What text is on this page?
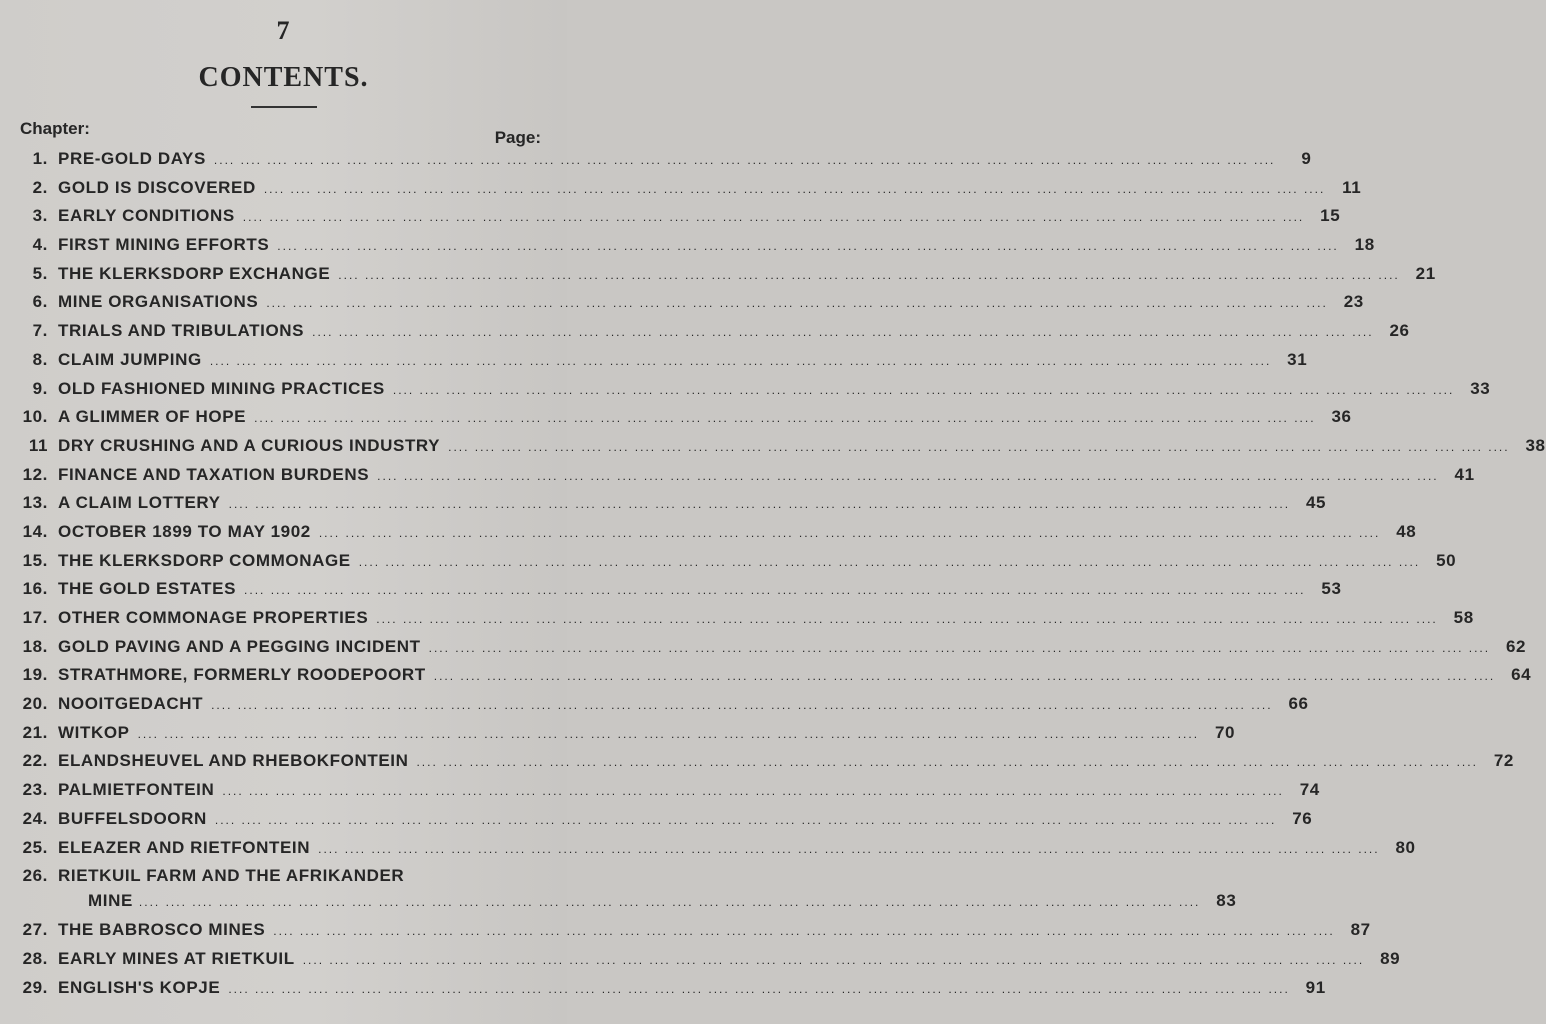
7
CONTENTS.
Chapter:	Page:
1. PRE-GOLD DAYS .... .... .... .... .... .... .... .... .... .... .... .... .... .... .... .... .... .... .... .... .... .... .... .... .... .... .... .... .... .... .... .... .... .... .... .... .... .... .... ....	9
2. GOLD IS DISCOVERED .... .... .... .... .... .... .... .... .... .... .... .... .... .... .... .... .... .... .... .... .... .... .... .... .... .... .... .... .... .... .... .... .... .... .... .... .... .... .... .... 11
3. EARLY CONDITIONS .... .... .... .... .... .... .... .... .... .... .... .... .... .... .... .... .... .... .... .... .... .... .... .... .... .... .... .... .... .... .... .... .... .... .... .... .... .... .... .... 15
4. FIRST MINING EFFORTS .... .... .... .... .... .... .... .... .... .... .... .... .... .... .... .... .... .... .... .... .... .... .... .... .... .... .... .... .... .... .... .... .... .... .... .... .... .... .... .... 18
5. THE KLERKSDORP EXCHANGE .... .... .... .... .... .... .... .... .... .... .... .... .... .... .... .... .... .... .... .... .... .... .... .... .... .... .... .... .... .... .... .... .... .... .... .... .... .... .... .... 21
6. MINE ORGANISATIONS .... .... .... .... .... .... .... .... .... .... .... .... .... .... .... .... .... .... .... .... .... .... .... .... .... .... .... .... .... .... .... .... .... .... .... .... .... .... .... .... 23
7. TRIALS AND TRIBULATIONS .... .... .... .... .... .... .... .... .... .... .... .... .... .... .... .... .... .... .... .... .... .... .... .... .... .... .... .... .... .... .... .... .... .... .... .... .... .... .... .... 26
8. CLAIM JUMPING .... .... .... .... .... .... .... .... .... .... .... .... .... .... .... .... .... .... .... .... .... .... .... .... .... .... .... .... .... .... .... .... .... .... .... .... .... .... .... .... 31
9. OLD FASHIONED MINING PRACTICES .... .... .... .... .... .... .... .... .... .... .... .... .... .... .... .... .... .... .... .... .... .... .... .... .... .... .... .... .... .... .... .... .... .... .... .... .... .... .... .... 33
10. A GLIMMER OF HOPE .... .... .... .... .... .... .... .... .... .... .... .... .... .... .... .... .... .... .... .... .... .... .... .... .... .... .... .... .... .... .... .... .... .... .... .... .... .... .... .... 36
11 DRY CRUSHING AND A CURIOUS INDUSTRY .... .... .... .... .... .... .... .... .... .... .... .... .... .... .... .... .... .... .... .... .... .... .... .... .... .... .... .... .... .... .... .... .... .... .... .... .... .... .... .... 38
12. FINANCE AND TAXATION BURDENS .... .... .... .... .... .... .... .... .... .... .... .... .... .... .... .... .... .... .... .... .... .... .... .... .... .... .... .... .... .... .... .... .... .... .... .... .... .... .... .... 41
13. A CLAIM LOTTERY .... .... .... .... .... .... .... .... .... .... .... .... .... .... .... .... .... .... .... .... .... .... .... .... .... .... .... .... .... .... .... .... .... .... .... .... .... .... .... .... 45
14. OCTOBER 1899 TO MAY 1902 .... .... .... .... .... .... .... .... .... .... .... .... .... .... .... .... .... .... .... .... .... .... .... .... .... .... .... .... .... .... .... .... .... .... .... .... .... .... .... .... 48
15. THE KLERKSDORP COMMONAGE .... .... .... .... .... .... .... .... .... .... .... .... .... .... .... .... .... .... .... .... .... .... .... .... .... .... .... .... .... .... .... .... .... .... .... .... .... .... .... .... 50
16. THE GOLD ESTATES .... .... .... .... .... .... .... .... .... .... .... .... .... .... .... .... .... .... .... .... .... .... .... .... .... .... .... .... .... .... .... .... .... .... .... .... .... .... .... .... 53
17. OTHER COMMONAGE PROPERTIES .... .... .... .... .... .... .... .... .... .... .... .... .... .... .... .... .... .... .... .... .... .... .... .... .... .... .... .... .... .... .... .... .... .... .... .... .... .... .... .... 58
18. GOLD PAVING AND A PEGGING INCIDENT .... .... .... .... .... .... .... .... .... .... .... .... .... .... .... .... .... .... .... .... .... .... .... .... .... .... .... .... .... .... .... .... .... .... .... .... .... .... .... .... 62
19. STRATHMORE, FORMERLY ROODEPOORT .... .... .... .... .... .... .... .... .... .... .... .... .... .... .... .... .... .... .... .... .... .... .... .... .... .... .... .... .... .... .... .... .... .... .... .... .... .... .... .... 64
20. NOOITGEDACHT .... .... .... .... .... .... .... .... .... .... .... .... .... .... .... .... .... .... .... .... .... .... .... .... .... .... .... .... .... .... .... .... .... .... .... .... .... .... .... .... 66
21. WITKOP .... .... .... .... .... .... .... .... .... .... .... .... .... .... .... .... .... .... .... .... .... .... .... .... .... .... .... .... .... .... .... .... .... .... .... .... .... .... .... .... 70
22. ELANDSHEUVEL AND RHEBOKFONTEIN .... .... .... .... .... .... .... .... .... .... .... .... .... .... .... .... .... .... .... .... .... .... .... .... .... .... .... .... .... .... .... .... .... .... .... .... .... .... .... .... 72
23. PALMIETFONTEIN .... .... .... .... .... .... .... .... .... .... .... .... .... .... .... .... .... .... .... .... .... .... .... .... .... .... .... .... .... .... .... .... .... .... .... .... .... .... .... .... 74
24. BUFFELSDOORN .... .... .... .... .... .... .... .... .... .... .... .... .... .... .... .... .... .... .... .... .... .... .... .... .... .... .... .... .... .... .... .... .... .... .... .... .... .... .... .... 76
25. ELEAZER AND RIETFONTEIN .... .... .... .... .... .... .... .... .... .... .... .... .... .... .... .... .... .... .... .... .... .... .... .... .... .... .... .... .... .... .... .... .... .... .... .... .... .... .... .... 80
26. RIETKUIL FARM AND THE AFRIKANDER
MINE .... .... .... .... .... .... .... .... .... .... .... .... .... .... .... .... .... .... .... .... .... .... .... .... .... .... .... .... .... .... .... .... .... .... .... .... .... .... .... .... 83
27. THE BABROSCO MINES .... .... .... .... .... .... .... .... .... .... .... .... .... .... .... .... .... .... .... .... .... .... .... .... .... .... .... .... .... .... .... .... .... .... .... .... .... .... .... .... 87
28. EARLY MINES AT RIETKUIL .... .... .... .... .... .... .... .... .... .... .... .... .... .... .... .... .... .... .... .... .... .... .... .... .... .... .... .... .... .... .... .... .... .... .... .... .... .... .... .... 89
29. ENGLISH'S KOPJE .... .... .... .... .... .... .... .... .... .... .... .... .... .... .... .... .... .... .... .... .... .... .... .... .... .... .... .... .... .... .... .... .... .... .... .... .... .... .... .... 91
